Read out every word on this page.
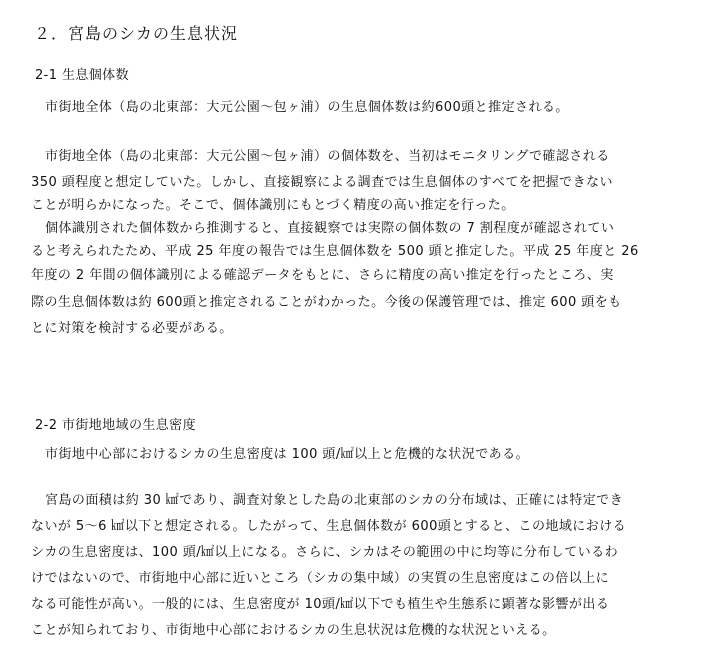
２．宮島のシカの生息状況
2-1 生息個体数
市街地全体（島の北東部：大元公園～包ヶ浦）の生息個体数は約600頭と推定される。
市街地全体（島の北東部：大元公園～包ヶ浦）の個体数を、当初はモニタリングで確認される
350 頭程度と想定していた。しかし、直接観察による調査では生息個体のすべてを把握できない
ことが明らかになった。そこで、個体識別にもとづく精度の高い推定を行った。
個体識別された個体数から推測すると、直接観察では実際の個体数の 7 割程度が確認されてい
ると考えられたため、平成 25 年度の報告では生息個体数を 500 頭と推定した。平成 25 年度と 26
年度の 2 年間の個体識別による確認データをもとに、さらに精度の高い推定を行ったところ、実
際の生息個体数は約 600頭と推定されることがわかった。今後の保護管理では、推定 600 頭をも
とに対策を検討する必要がある。
2-2 市街地地域の生息密度
市街地中心部におけるシカの生息密度は 100 頭/㎢以上と危機的な状況である。
宮島の面積は約 30 ㎢であり、調査対象とした島の北東部のシカの分布域は、正確には特定でき
ないが 5～6 ㎢以下と想定される。したがって、生息個体数が 600頭とすると、この地域における
シカの生息密度は、100 頭/㎢以上になる。さらに、シカはその範囲の中に均等に分布しているわ
けではないので、市街地中心部に近いところ（シカの集中域）の実質の生息密度はこの倍以上に
なる可能性が高い。一般的には、生息密度が 10頭/㎢以下でも植生や生態系に顕著な影響が出る
ことが知られており、市街地中心部におけるシカの生息状況は危機的な状況といえる。
